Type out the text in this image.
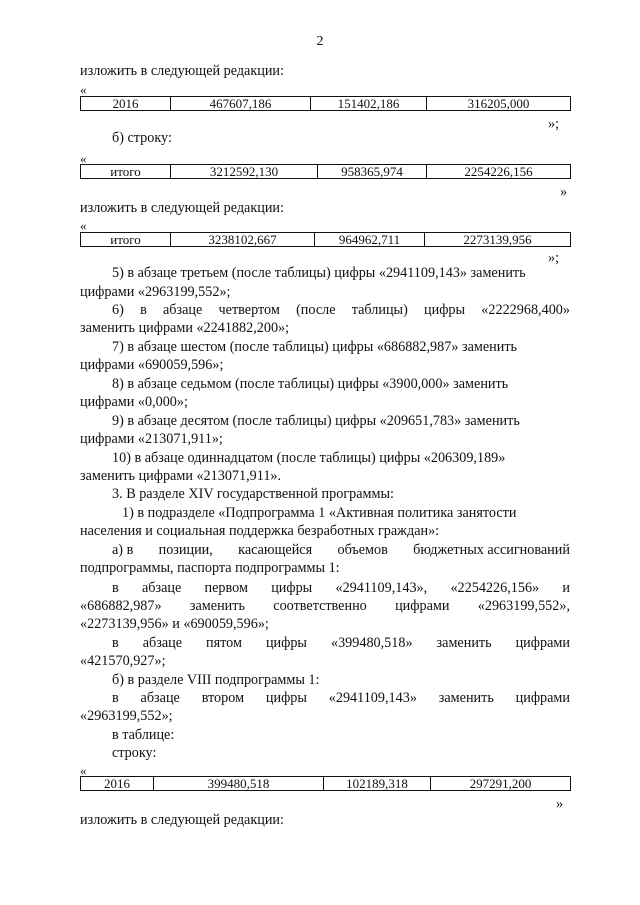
2
изложить в следующей редакции:
«
2016	467607,186	151402,186	316205,000
»;
б) строку:
«
итого	3212592,130	958365,974	2254226,156
»
изложить в следующей редакции:
«
итого	3238102,667	964962,711	2273139,956
»;
5) в абзаце третьем (после таблицы) цифры «2941109,143» заменить
цифрами «2963199,552»;
6) в абзаце четвертом (после таблицы) цифры «2222968,400»
заменить цифрами «2241882,200»;
7) в абзаце шестом (после таблицы) цифры «686882,987» заменить
цифрами «690059,596»;
8) в абзаце седьмом (после таблицы) цифры «3900,000» заменить
цифрами «0,000»;
9) в абзаце десятом (после таблицы) цифры «209651,783» заменить
цифрами «213071,911»;
10) в абзаце одиннадцатом (после таблицы) цифры «206309,189»
заменить цифрами «213071,911».
3. В разделе XIV государственной программы:
1) в подразделе «Подпрограмма 1 «Активная политика занятости
населения и социальная поддержка безработных граждан»:
а) в позиции, касающейся объемов бюджетных ассигнований
подпрограммы, паспорта подпрограммы 1:
в абзаце первом цифры «2941109,143», «2254226,156» и
«686882,987» заменить соответственно цифрами «2963199,552»,
«2273139,956» и «690059,596»;
в абзаце пятом цифры «399480,518» заменить цифрами
«421570,927»;
б) в разделе VIII подпрограммы 1:
в абзаце втором цифры «2941109,143» заменить цифрами
«2963199,552»;
в таблице:
строку:
«
2016	399480,518	102189,318	297291,200
»
изложить в следующей редакции:
